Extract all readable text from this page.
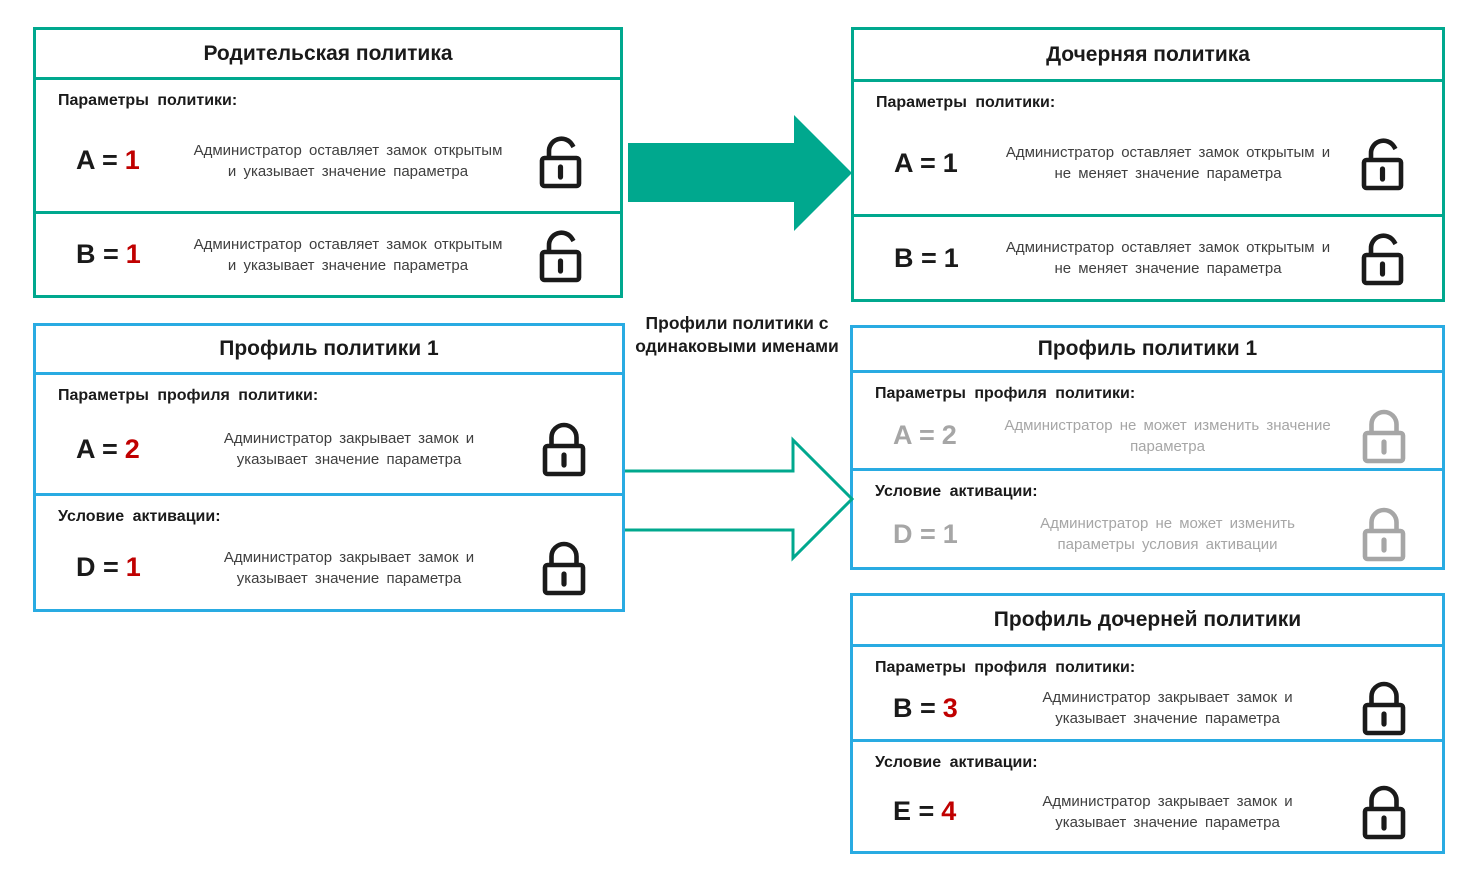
Родительская политика
Параметры политики:
A = 1	Администратор оставляет замок открытым и указывает значение параметра
B = 1	Администратор оставляет замок открытым и указывает значение параметра
Дочерняя политика
Параметры политики:
A = 1	Администратор оставляет замок открытым и не меняет значение параметра
B = 1	Администратор оставляет замок открытым и не меняет значение параметра
Профиль политики 1
Параметры профиля политики:
A = 2	Администратор закрывает замок и указывает значение параметра
Условие активации:
D = 1	Администратор закрывает замок и указывает значение параметра
Профиль политики 1
Параметры профиля политики:
A = 2	Администратор не может изменить значение параметра
Условие активации:
D = 1	Администратор не может изменить параметры условия активации
Профиль дочерней политики
Параметры профиля политики:
B = 3	Администратор закрывает замок и указывает значение параметра
Условие активации:
E = 4	Администратор закрывает замок и указывает значение параметра
Профили политики с одинаковыми именами
